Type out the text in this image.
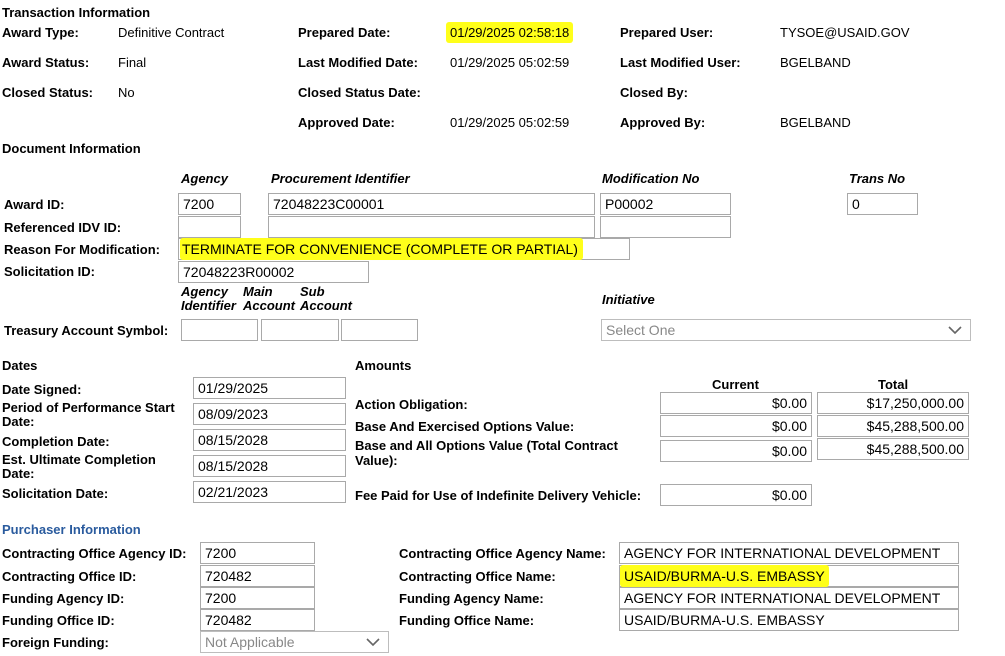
Transaction Information
Award Type:	Definitive Contract
Award Status: Final
Closed Status: No
Prepared Date:	01/29/2025 02:58:18
Last Modified Date: 01/29/2025 05:02:59
Closed Status Date:
Approved Date:	01/29/2025 05:02:59
Prepared User:	TYSOE@USAID.GOV
Last Modified User:	BGELBAND
Closed By:
Approved By:	BGELBAND
Document Information
Agency	Procurement Identifier	Modification No	Trans No
Award ID:	7200	72048223C00001	P00002	0
Referenced IDV ID:
Reason For Modification: TERMINATE FOR CONVENIENCE (COMPLETE OR PARTIAL)
Solicitation ID:	72048223R00002
Agency
Identifier
Main
Account
Sub
Account
Treasury Account Symbol:
Initiative
Select One
Dates
Date Signed:	01/29/2025
Period of Performance Start
Date:	08/09/2023
Completion Date:	08/15/2028
Est. Ultimate Completion
Date:	08/15/2028
Solicitation Date:	02/21/2023
Amounts
Current	Total
Action Obligation:	$0.00	$17,250,000.00
Base And Exercised Options Value:	$0.00	$45,288,500.00
Base and All Options Value (Total Contract
Value):
$0.00	$45,288,500.00
Fee Paid for Use of Indefinite Delivery Vehicle:	$0.00
Purchaser Information
Contracting Office Agency ID:	7200
Contracting Office ID:	720482
Funding Agency ID:	7200
Funding Office ID:	720482
Foreign Funding:	Not Applicable
Contracting Office Agency Name:	AGENCY FOR INTERNATIONAL DEVELOPMENT
Contracting Office Name:	USAID/BURMA-U.S. EMBASSY
Funding Agency Name:	AGENCY FOR INTERNATIONAL DEVELOPMENT
Funding Office Name:	USAID/BURMA-U.S. EMBASSY
